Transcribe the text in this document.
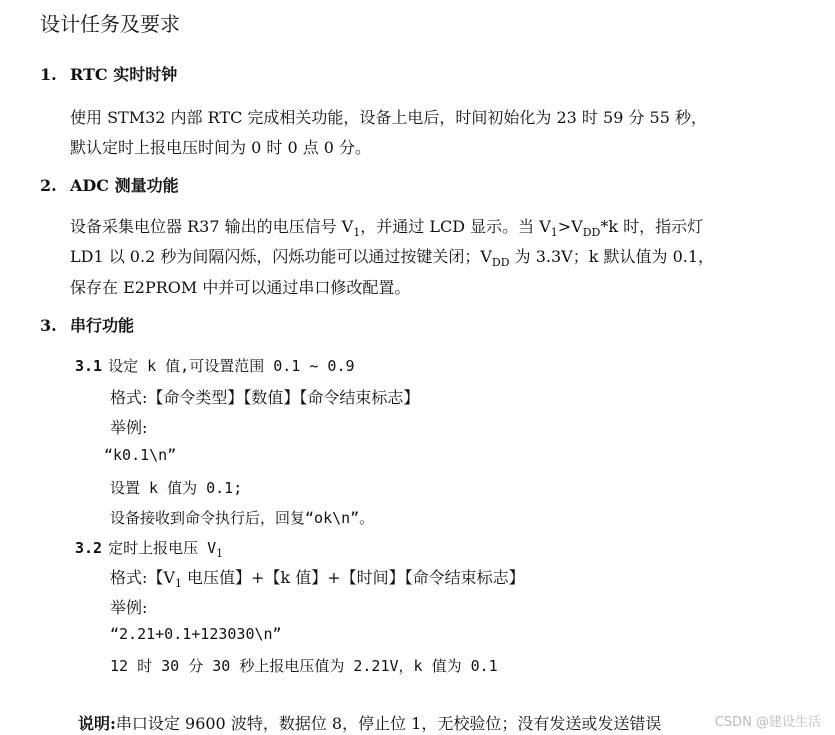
设计任务及要求
1. RTC 实时时钟
使用 STM32 内部 RTC 完成相关功能，设备上电后，时间初始化为 23 时 59 分 55 秒，
默认定时上报电压时间为 0 时 0 点 0 分。
2. ADC 测量功能
设备采集电位器 R37 输出的电压信号 $V_1$，并通过 LCD 显示。当 $V_1>V_{DD}*k$ 时，指示灯
LD1 以 0.2 秒为间隔闪烁，闪烁功能可以通过按键关闭；$V_{DD}$ 为 3.3V；k 默认值为 0.1，
保存在 E2PROM 中并可以通过串口修改配置。
3. 串行功能
3.1 设定 k 值,可设置范围 0.1 ~ 0.9
格式:【命令类型】【数值】【命令结束标志】
举例:
“k0.1\n”
设置 k 值为 0.1;
设备接收到命令执行后，回复“ok\n”。
3.2 定时上报电压 $V_1$
格式:【$V_1$ 电压值】+【k 值】+【时间】【命令结束标志】
举例:
“2.21+0.1+123030\n”
12 时 30 分 30 秒上报电压值为 2.21V，k 值为 0.1
说明:串口设定 9600 波特，数据位 8，停止位 1，无校验位；没有发送或发送错误	CSDN @建设生活
